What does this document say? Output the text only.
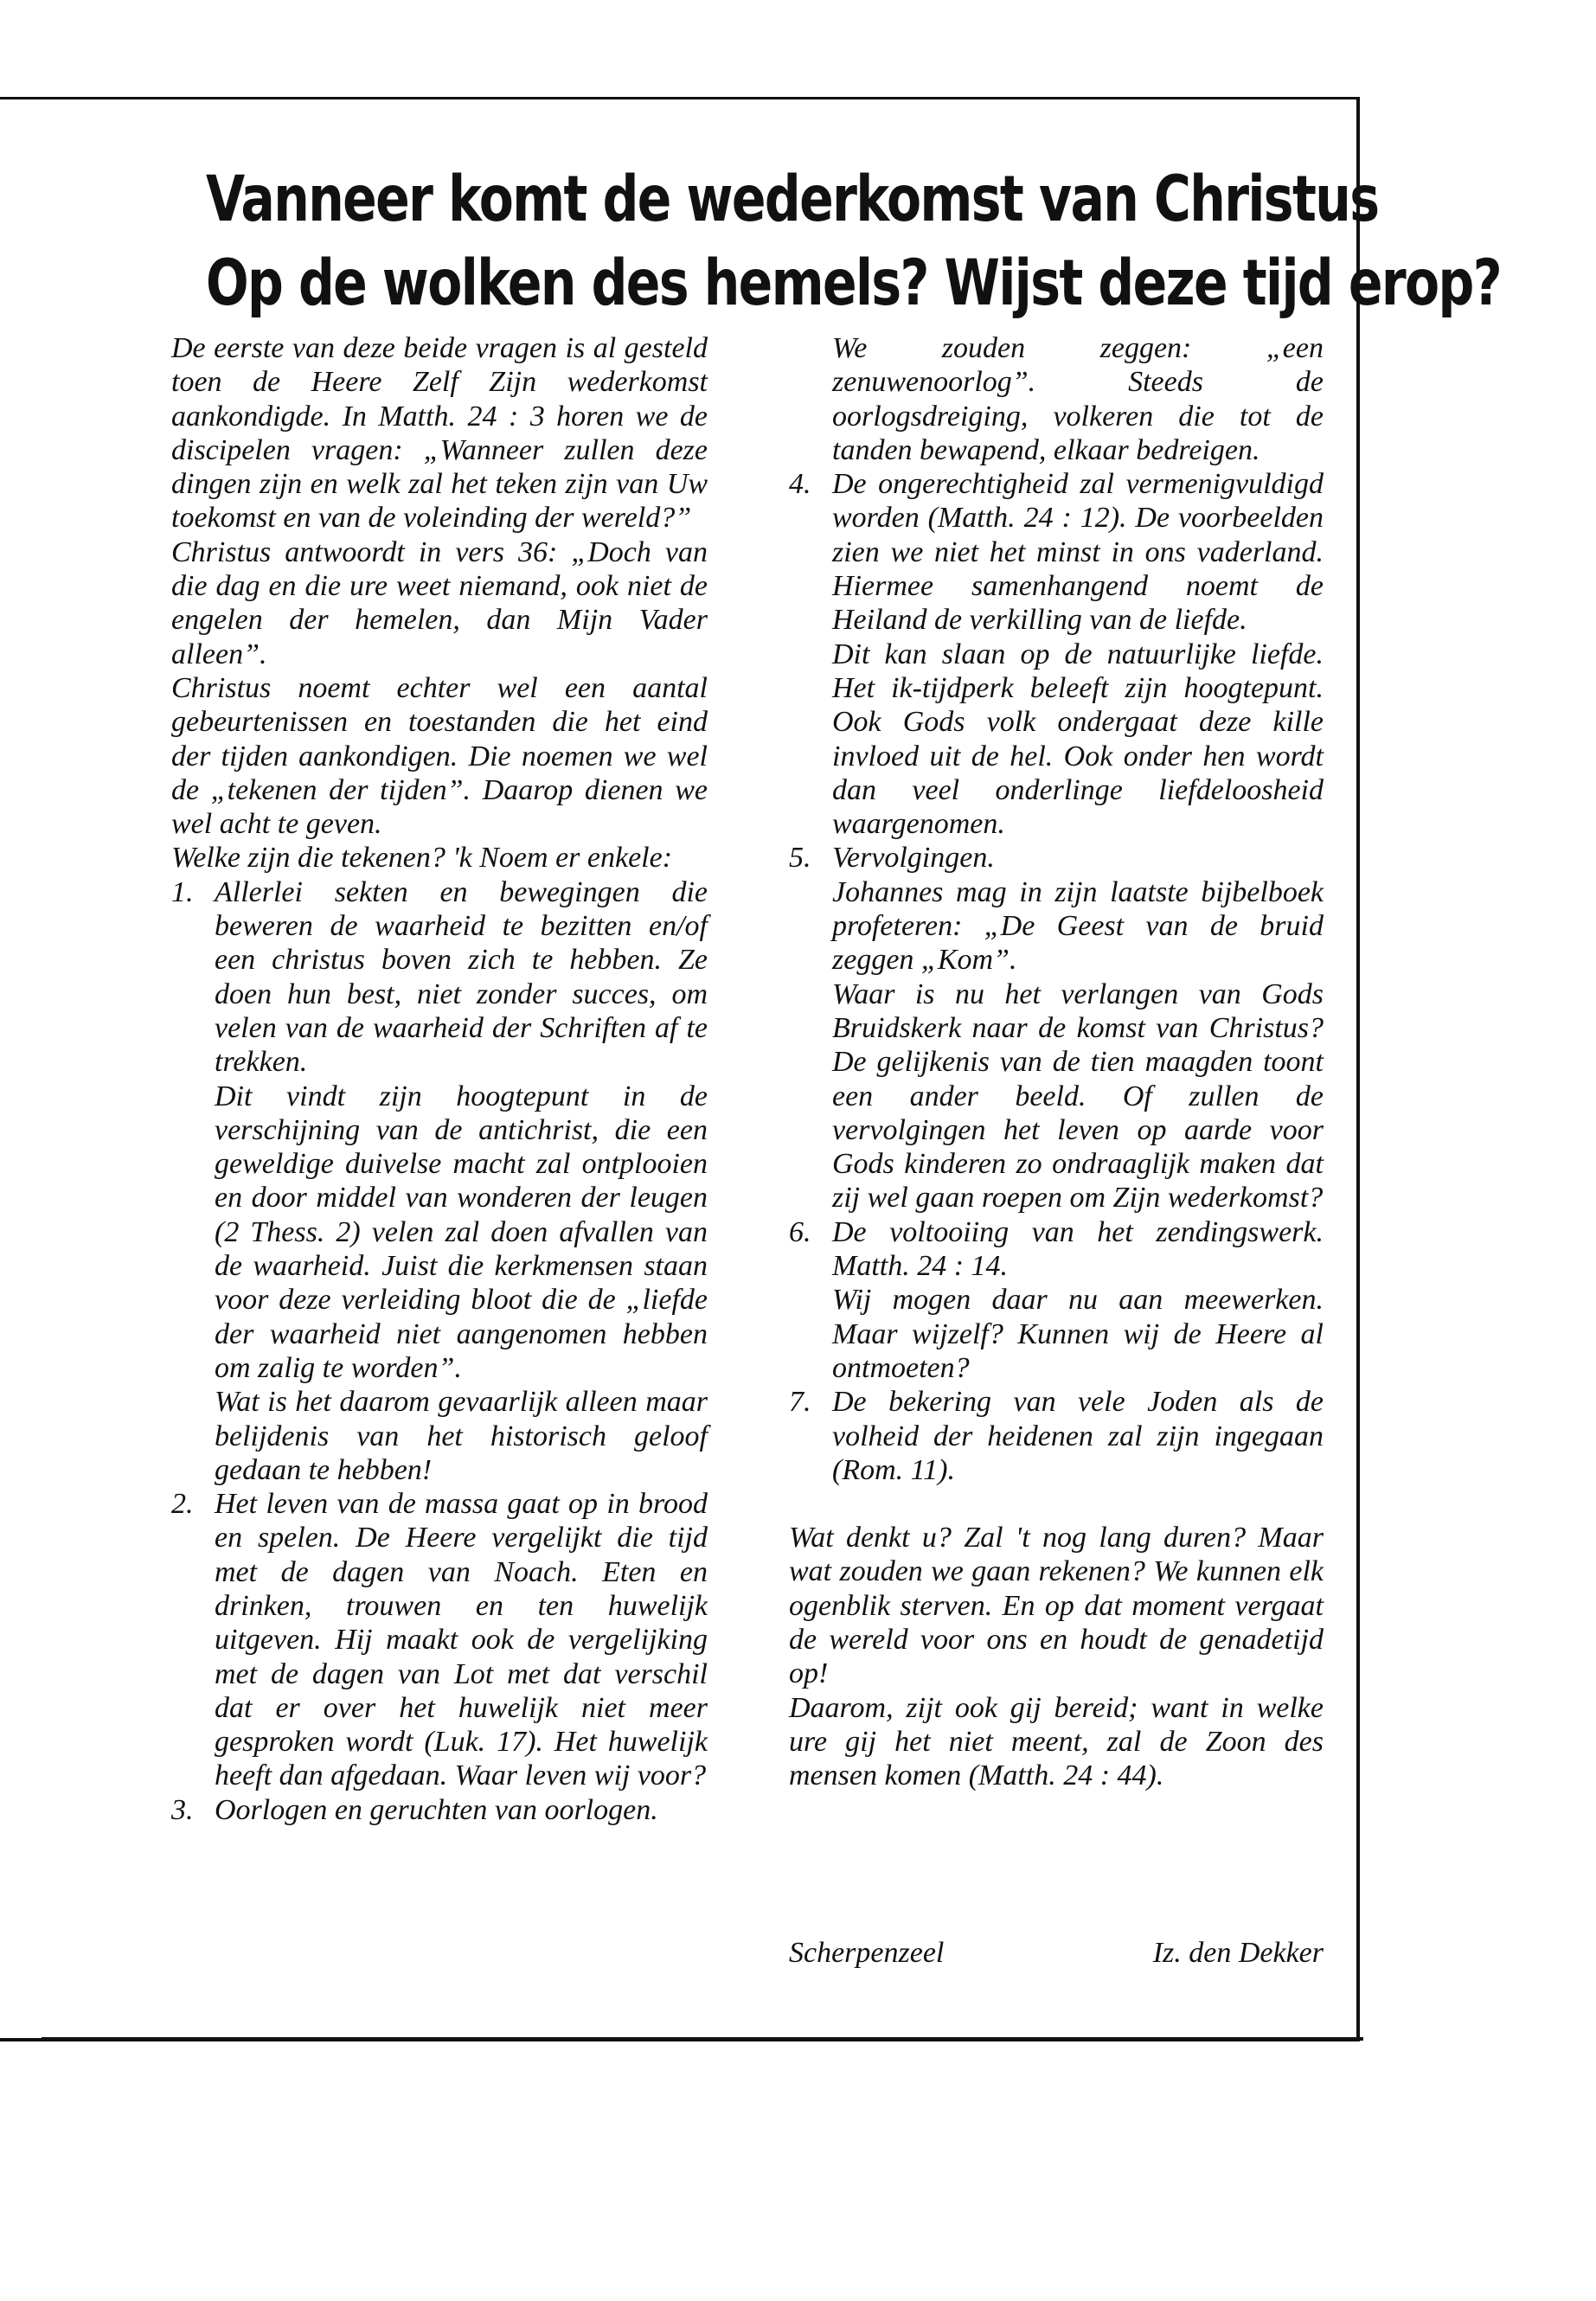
Vanneer komt de wederkomst van Christus
Op de wolken des hemels? Wijst deze tijd erop?

De eerste van deze beide vragen is al gesteld toen de Heere Zelf Zijn wederkomst aankondigde. In Matth. 24 : 3 horen we de discipelen vragen: „Wanneer zullen deze dingen zijn en welk zal het teken zijn van Uw toekomst en van de voleinding der wereld?”

Christus antwoordt in vers 36: „Doch van die dag en die ure weet niemand, ook niet de engelen der hemelen, dan Mijn Vader alleen”.

Christus noemt echter wel een aantal gebeurtenissen en toestanden die het eind der tijden aankondigen. Die noemen we wel de „tekenen der tijden”. Daarop dienen we wel acht te geven.

Welke zijn die tekenen? 'k Noem er enkele:

1. Allerlei sekten en bewegingen die beweren de waarheid te bezitten en/of een christus boven zich te hebben. Ze doen hun best, niet zonder succes, om velen van de waarheid der Schriften af te trekken.

Dit vindt zijn hoogtepunt in de verschijning van de antichrist, die een geweldige duivelse macht zal ontplooien en door middel van wonderen der leugen (2 Thess. 2) velen zal doen afvallen van de waarheid. Juist die kerkmensen staan voor deze verleiding bloot die de „liefde der waarheid niet aangenomen hebben om zalig te worden”.

Wat is het daarom gevaarlijk alleen maar belijdenis van het historisch geloof gedaan te hebben!

2. Het leven van de massa gaat op in brood en spelen. De Heere vergelijkt die tijd met de dagen van Noach. Eten en drinken, trouwen en ten huwelijk uitgeven. Hij maakt ook de vergelijking met de dagen van Lot met dat verschil dat er over het huwelijk niet meer gesproken wordt (Luk. 17). Het huwelijk heeft dan afgedaan. Waar leven wij voor?

3. Oorlogen en geruchten van oorlogen.

We zouden zeggen: „een zenuwenoorlog”. Steeds de oorlogsdreiging, volkeren die tot de tanden bewapend, elkaar bedreigen.

4. De ongerechtigheid zal vermenigvuldigd worden (Matth. 24 : 12). De voorbeelden zien we niet het minst in ons vaderland. Hiermee samenhangend noemt de Heiland de verkilling van de liefde.

Dit kan slaan op de natuurlijke liefde. Het ik-tijdperk beleeft zijn hoogtepunt. Ook Gods volk ondergaat deze kille invloed uit de hel. Ook onder hen wordt dan veel onderlinge liefdeloosheid waargenomen.

5. Vervolgingen.

Johannes mag in zijn laatste bijbelboek profeteren: „De Geest van de bruid zeggen „Kom”.

Waar is nu het verlangen van Gods Bruidskerk naar de komst van Christus? De gelijkenis van de tien maagden toont een ander beeld. Of zullen de vervolgingen het leven op aarde voor Gods kinderen zo ondraaglijk maken dat zij wel gaan roepen om Zijn wederkomst?

6. De voltooiing van het zendingswerk. Matth. 24 : 14.

Wij mogen daar nu aan meewerken. Maar wijzelf? Kunnen wij de Heere al ontmoeten?

7. De bekering van vele Joden als de volheid der heidenen zal zijn ingegaan (Rom. 11).

Wat denkt u? Zal 't nog lang duren? Maar wat zouden we gaan rekenen? We kunnen elk ogenblik sterven. En op dat moment vergaat de wereld voor ons en houdt de genadetijd op!

Daarom, zijt ook gij bereid; want in welke ure gij het niet meent, zal de Zoon des mensen komen (Matth. 24 : 44).

Scherpenzeel	Iz. den Dekker
